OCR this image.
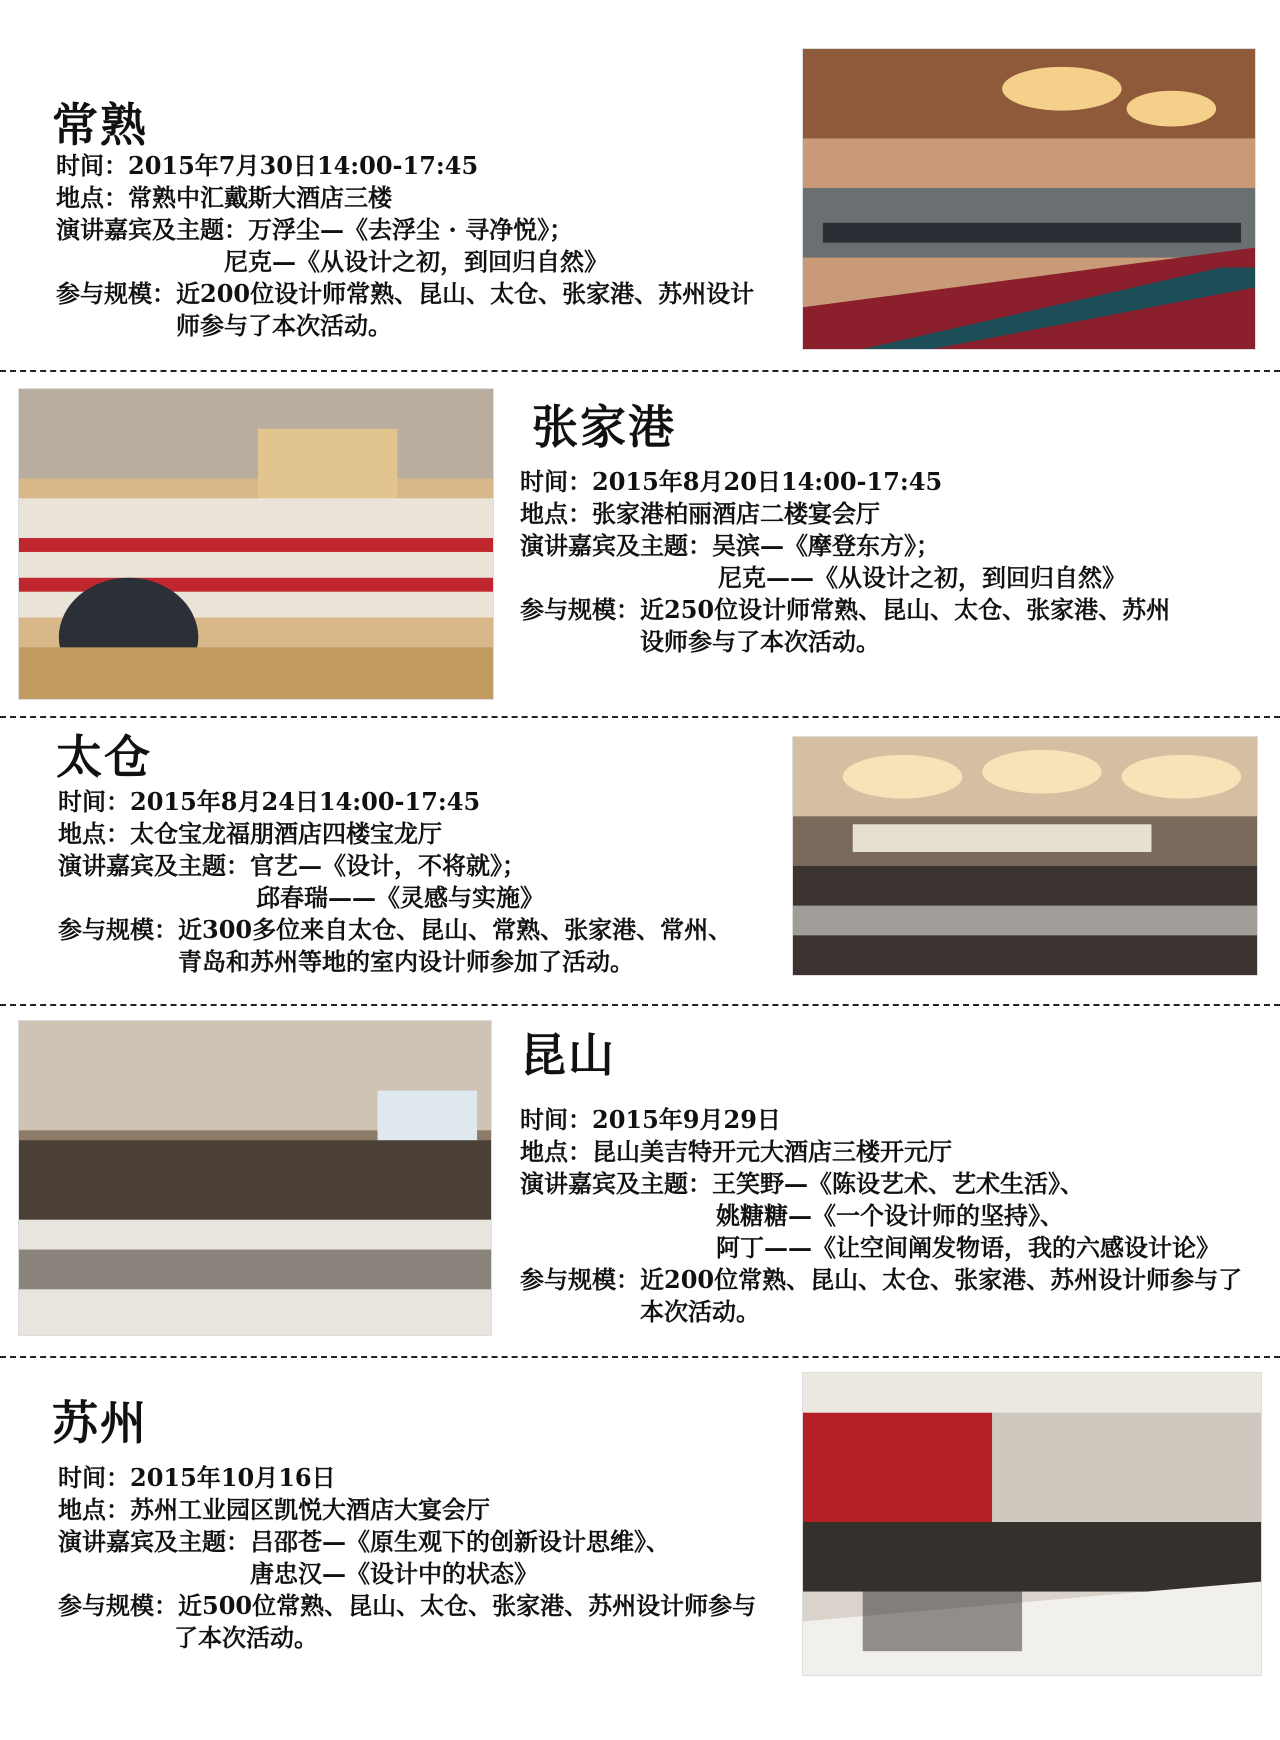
常熟
时间：2015年7月30日14:00-17:45
地点：常熟中汇戴斯大酒店三楼
演讲嘉宾及主题：万浮尘—《去浮尘 · 寻净悦》；
尼克—《从设计之初，到回归自然》
参与规模：近200位设计师常熟、昆山、太仓、张家港、苏州设计
师参与了本次活动。
张家港
时间：2015年8月20日14:00-17:45
地点：张家港柏丽酒店二楼宴会厅
演讲嘉宾及主题：吴滨—《摩登东方》；
尼克——《从设计之初，到回归自然》
参与规模：近250位设计师常熟、昆山、太仓、张家港、苏州
设师参与了本次活动。
太仓
时间：2015年8月24日14:00-17:45
地点：太仓宝龙福朋酒店四楼宝龙厅
演讲嘉宾及主题：官艺—《设计，不将就》；
邱春瑞——《灵感与实施》
参与规模：近300多位来自太仓、昆山、常熟、张家港、常州、
青岛和苏州等地的室内设计师参加了活动。
昆山
时间：2015年9月29日
地点：昆山美吉特开元大酒店三楼开元厅
演讲嘉宾及主题：王笑野—《陈设艺术、艺术生活》、
姚糖糖—《一个设计师的坚持》、
阿丁——《让空间阐发物语，我的六感设计论》
参与规模：近200位常熟、昆山、太仓、张家港、苏州设计师参与了
本次活动。
苏州
时间：2015年10月16日
地点：苏州工业园区凯悦大酒店大宴会厅
演讲嘉宾及主题：吕邵苍—《原生观下的创新设计思维》、
唐忠汉—《设计中的状态》
参与规模：近500位常熟、昆山、太仓、张家港、苏州设计师参与
了本次活动。
